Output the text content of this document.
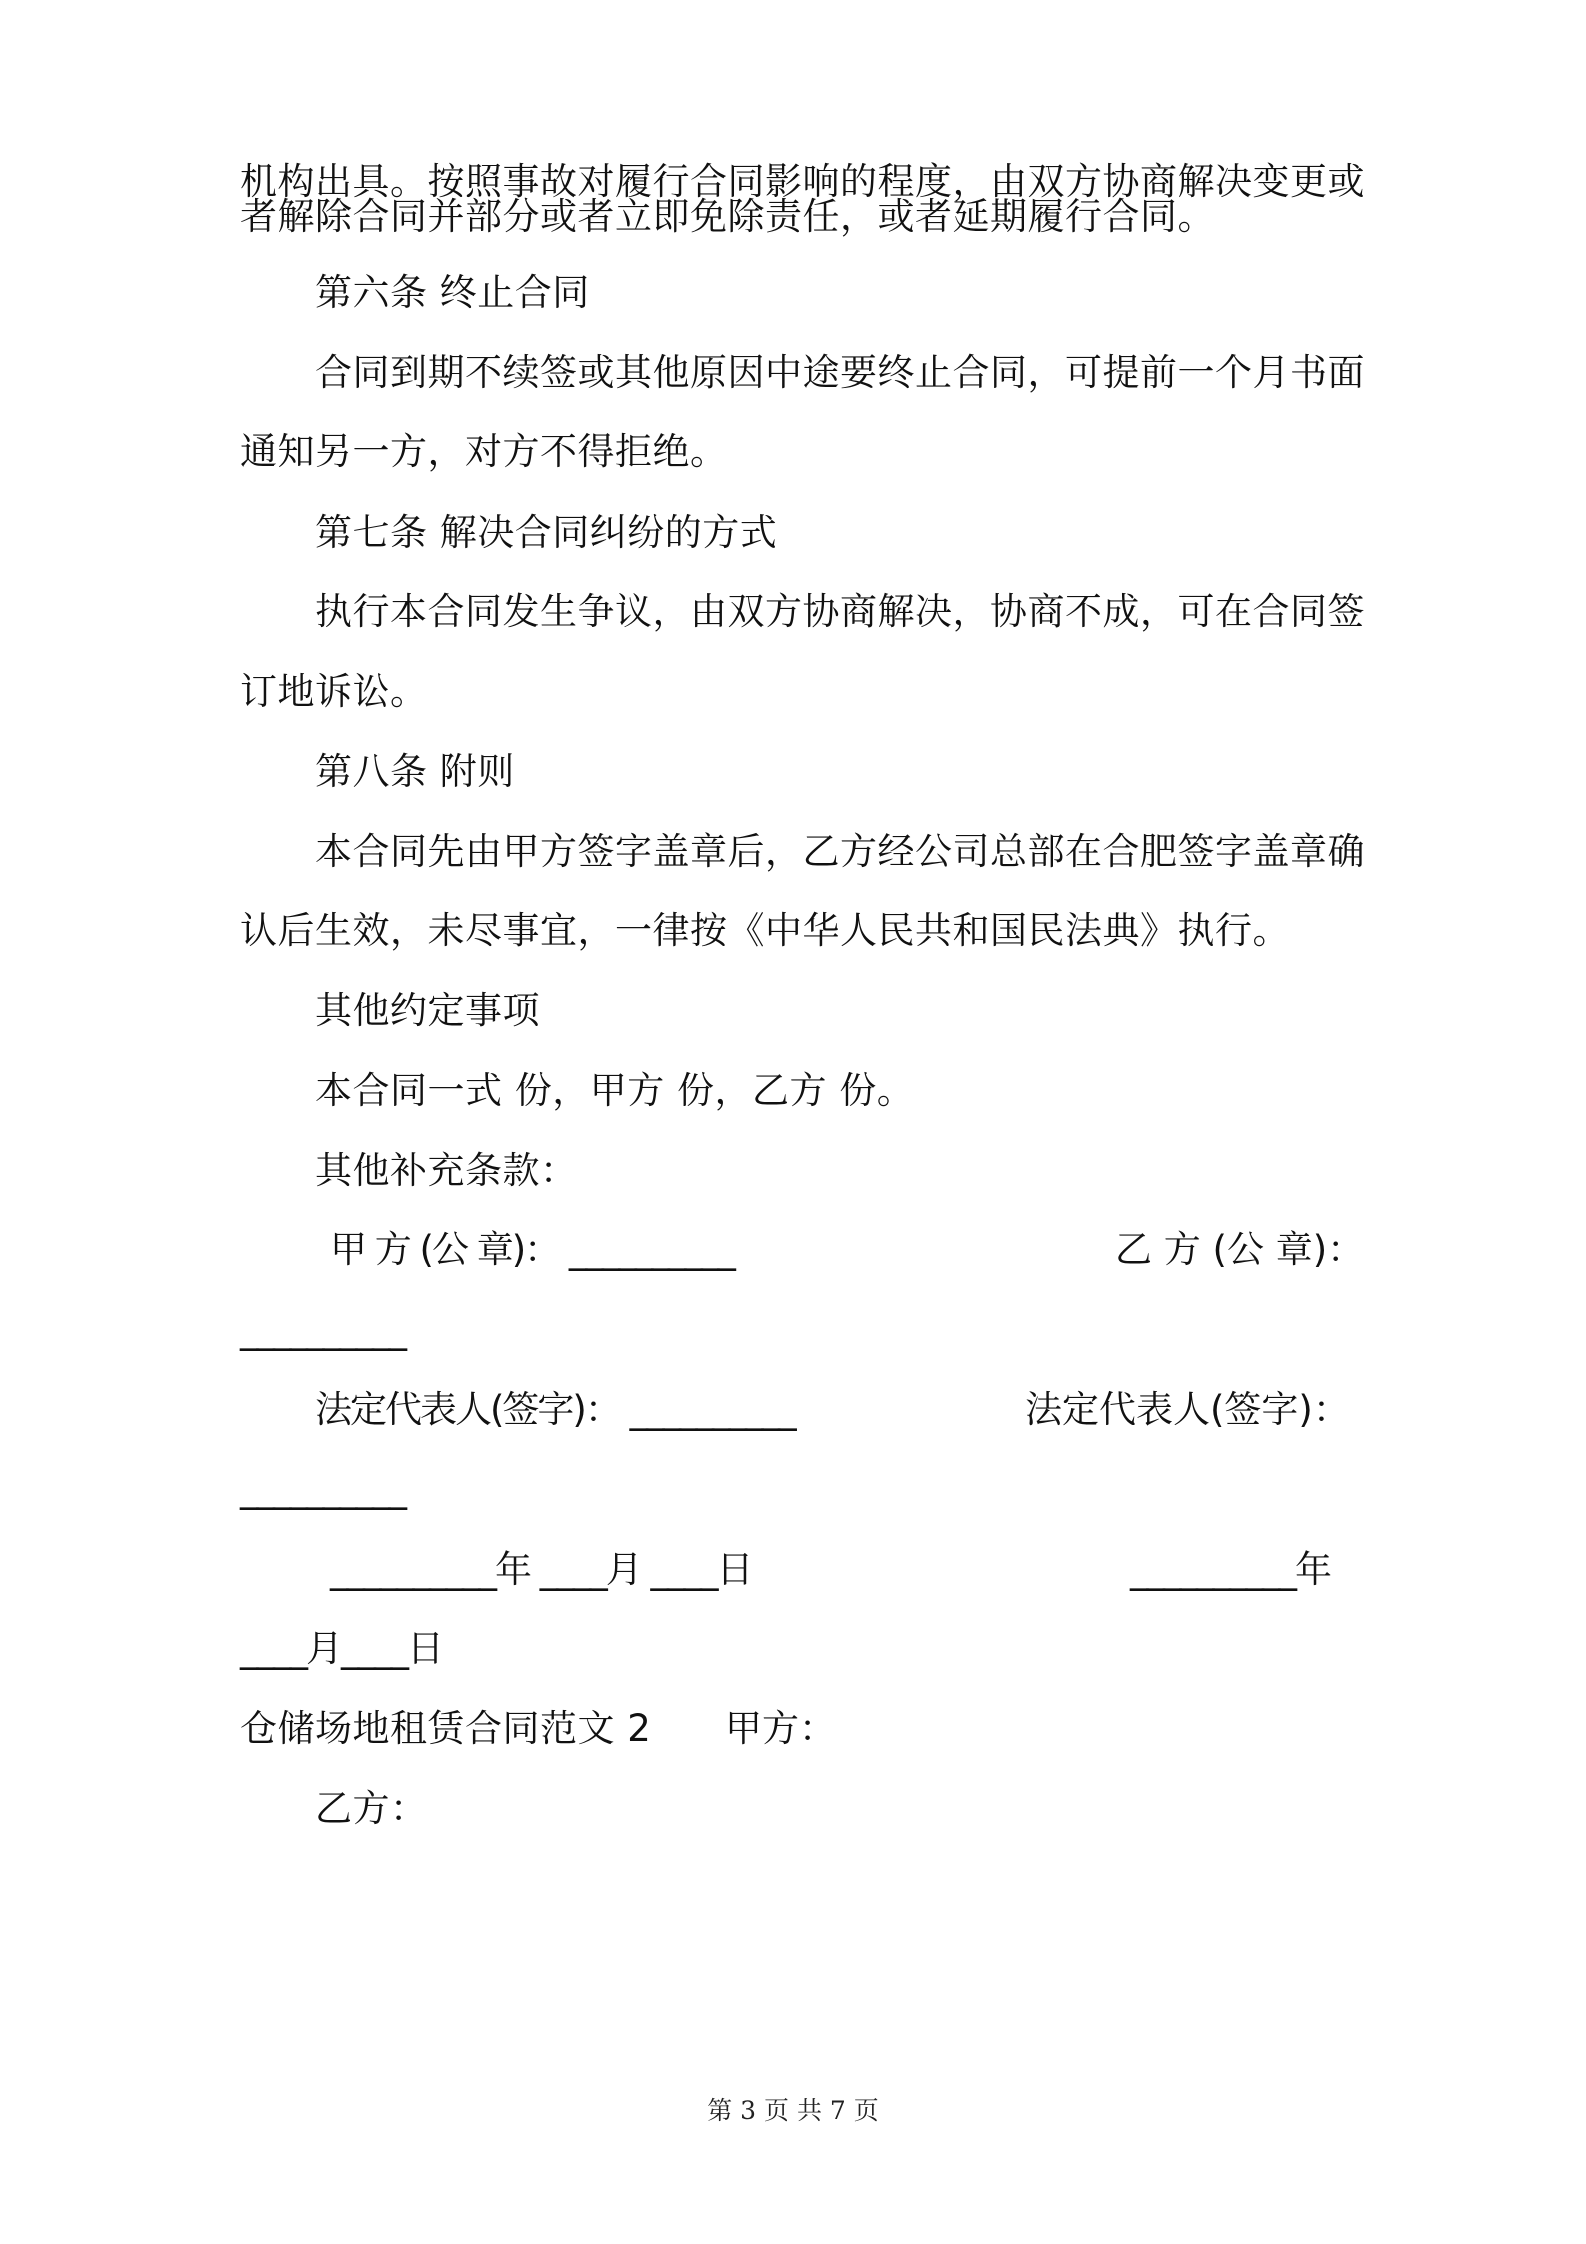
机构出具。按照事故对履行合同影响的程度，由双方协商解决变更或
者解除合同并部分或者立即免除责任，或者延期履行合同。
第六条 终止合同
合同到期不续签或其他原因中途要终止合同，可提前一个月书面
通知另一方，对方不得拒绝。
第七条 解决合同纠纷的方式
执行本合同发生争议，由双方协商解决，协商不成，可在合同签
订地诉讼。
第八条 附则
本合同先由甲方签字盖章后，乙方经公司总部在合肥签字盖章确
认后生效，未尽事宜，一律按《中华人民共和国民法典》执行。
其他约定事项
本合同一式 份，甲方 份，乙方 份。
其他补充条款：
甲 方 (公 章)： __________	乙 方 (公 章)：
__________
法定代表人(签字)： __________	法定代表人(签字)：
__________
__________年 ____月 ____日	__________年
____月____日
仓储场地租赁合同范文 2 甲方：
乙方：
第 3 页 共 7 页
